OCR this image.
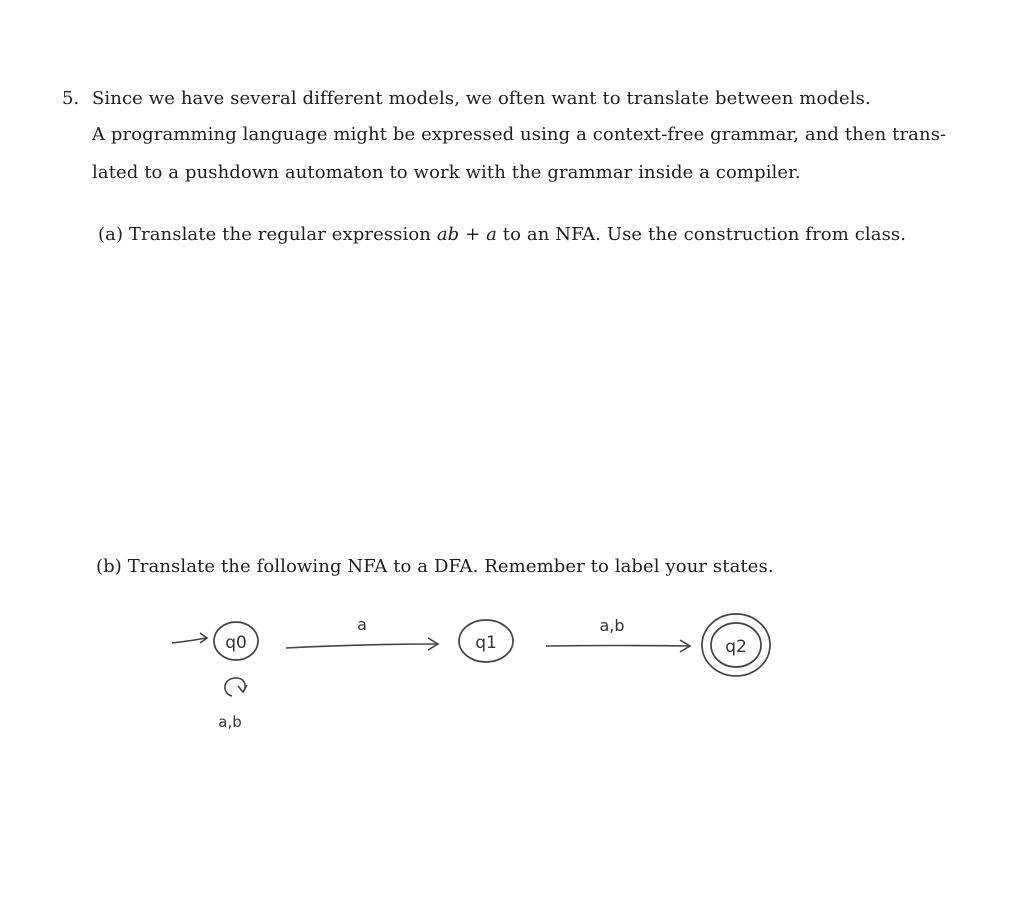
5. Since we have several different models, we often want to translate between models.
A programming language might be expressed using a context-free grammar, and then trans-
lated to a pushdown automaton to work with the grammar inside a compiler.
(a) Translate the regular expression ab + a to an NFA. Use the construction from class.
(b) Translate the following NFA to a DFA. Remember to label your states.
q0
a,b
a
q1
a,b
q2
